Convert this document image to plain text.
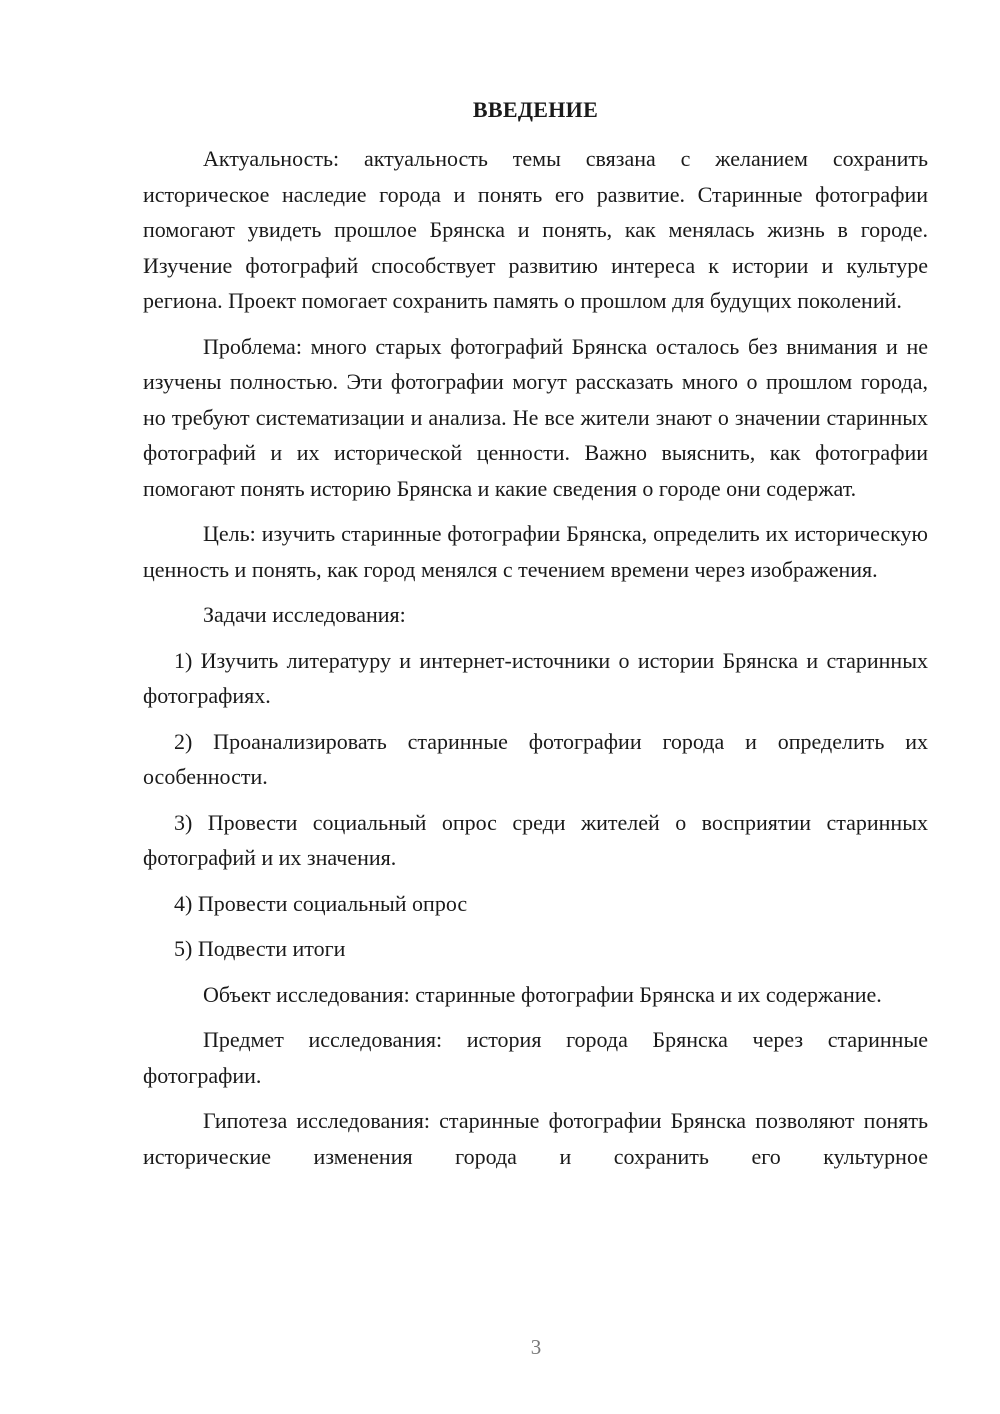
ВВЕДЕНИЕ

Актуальность: актуальность темы связана с желанием сохранить историческое наследие города и понять его развитие. Старинные фотографии помогают увидеть прошлое Брянска и понять, как менялась жизнь в городе. Изучение фотографий способствует развитию интереса к истории и культуре региона. Проект помогает сохранить память о прошлом для будущих поколений.

Проблема: много старых фотографий Брянска осталось без внимания и не изучены полностью. Эти фотографии могут рассказать много о прошлом города, но требуют систематизации и анализа. Не все жители знают о значении старинных фотографий и их исторической ценности. Важно выяснить, как фотографии помогают понять историю Брянска и какие сведения о городе они содержат.

Цель: изучить старинные фотографии Брянска, определить их историческую ценность и понять, как город менялся с течением времени через изображения.

Задачи исследования:

1) Изучить литературу и интернет-источники о истории Брянска и старинных фотографиях.

2) Проанализировать старинные фотографии города и определить их особенности.

3) Провести социальный опрос среди жителей о восприятии старинных фотографий и их значения.

4) Провести социальный опрос

5) Подвести итоги

Объект исследования: старинные фотографии Брянска и их содержание.

Предмет исследования: история города Брянска через старинные фотографии.

Гипотеза исследования: старинные фотографии Брянска позволяют понять исторические изменения города и сохранить его культурное

3
